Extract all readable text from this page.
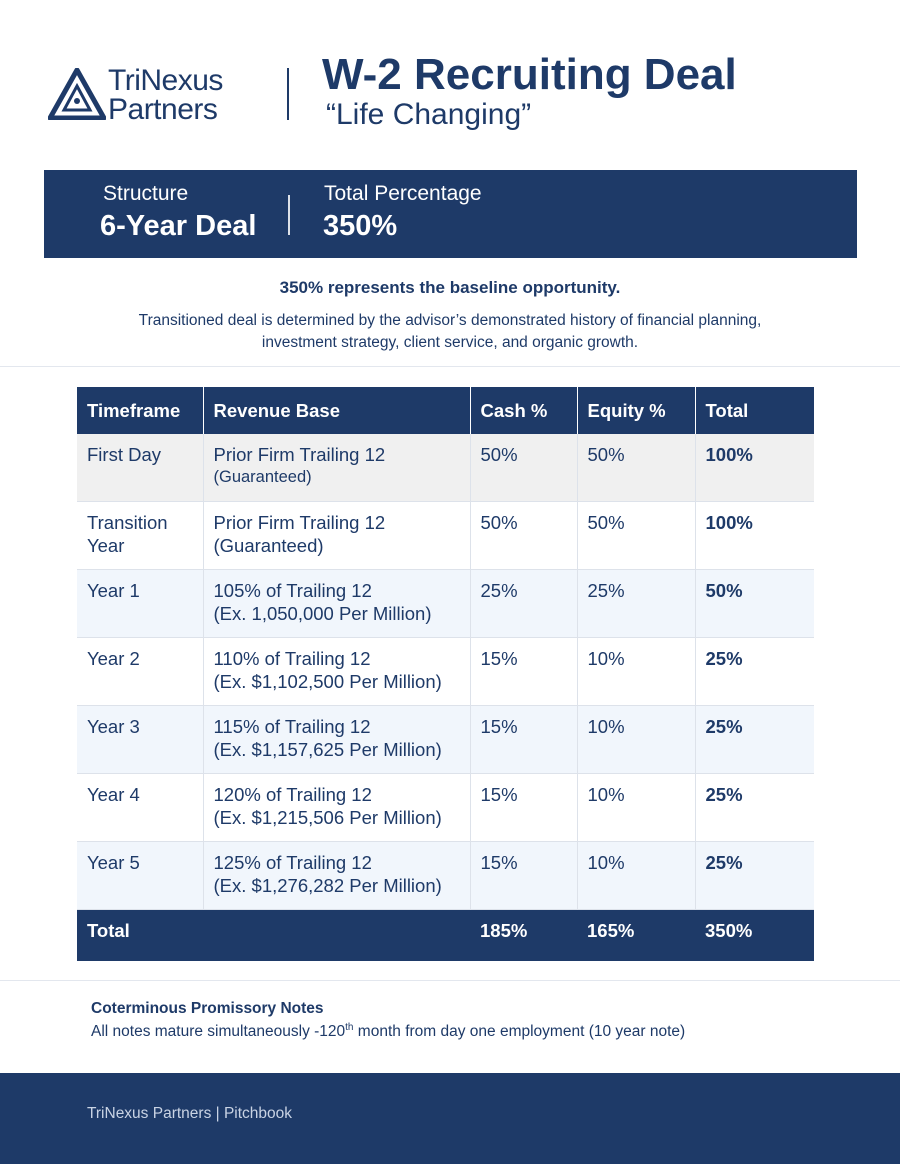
TriNexus
Partners
W-2 Recruiting Deal
“Life Changing”
Structure
6-Year Deal
Total Percentage
350%
350% represents the baseline opportunity.
Transitioned deal is determined by the advisor’s demonstrated history of financial planning,
investment strategy, client service, and organic growth.
Timeframe	Revenue Base	Cash %	Equity %	Total
First Day	Prior Firm Trailing 12
(Guaranteed)	50%	50%	100%
Transition
Year	Prior Firm Trailing 12
(Guaranteed)	50%	50%	100%
Year 1	105% of Trailing 12
(Ex. 1,050,000 Per Million)	25%	25%	50%
Year 2	110% of Trailing 12
(Ex. $1,102,500 Per Million)	15%	10%	25%
Year 3	115% of Trailing 12
(Ex. $1,157,625 Per Million)	15%	10%	25%
Year 4	120% of Trailing 12
(Ex. $1,215,506 Per Million)	15%	10%	25%
Year 5	125% of Trailing 12
(Ex. $1,276,282 Per Million)	15%	10%	25%
Total		185%	165%	350%
Coterminous Promissory Notes
All notes mature simultaneously -120th month from day one employment (10 year note)
TriNexus Partners | Pitchbook
